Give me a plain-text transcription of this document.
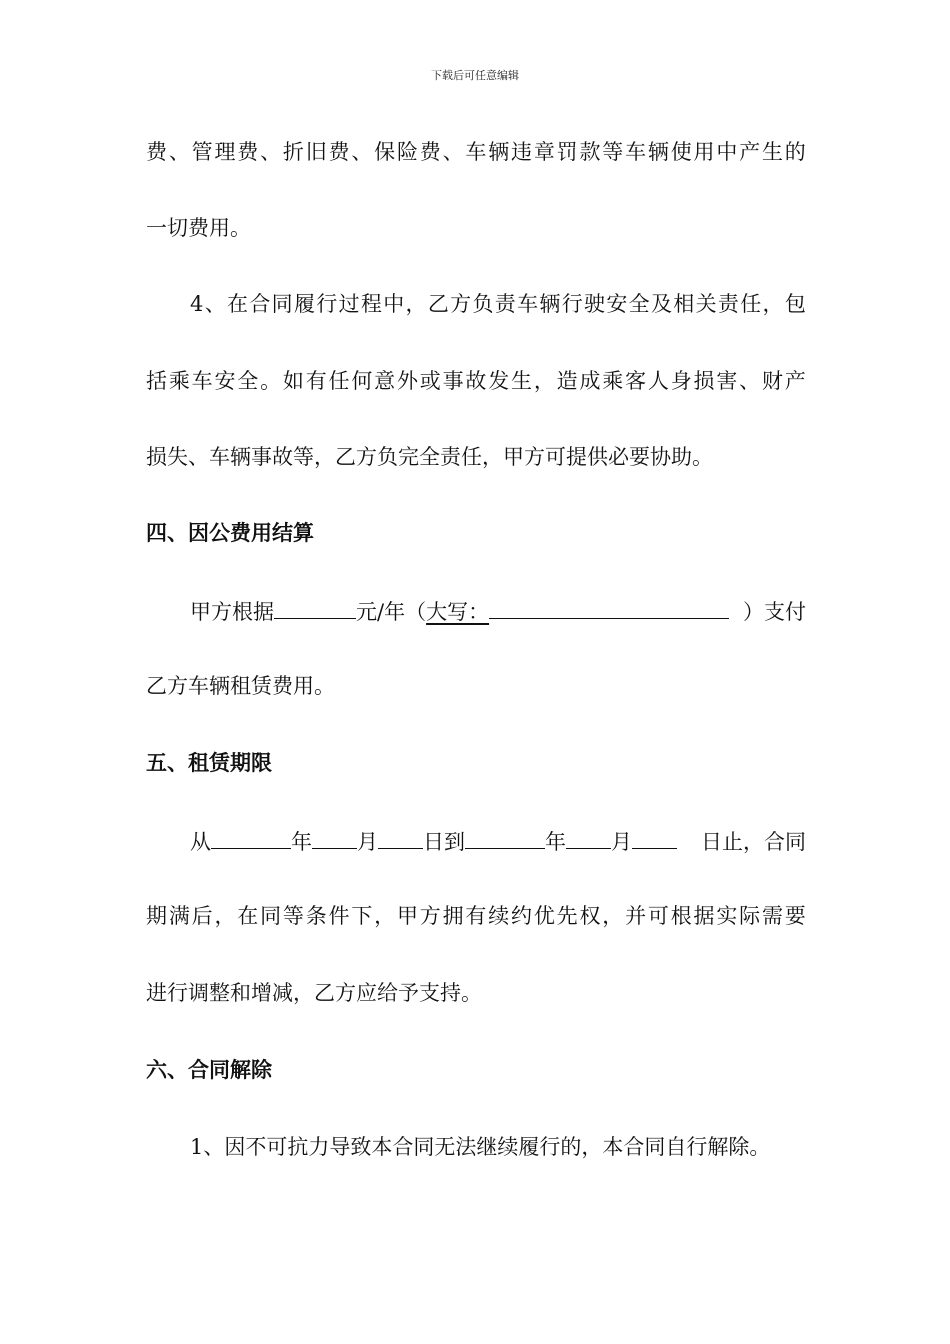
下载后可任意编辑
费 、 管 理 费 、 折 旧 费 、 保 险 费 、 车 辆 违 章 罚 款 等 车 辆 使 用 中 产 生 的
一切费用。
4 、 在 合 同 履 行 过 程 中 ， 乙 方 负 责 车 辆 行 驶 安 全 及 相 关 责 任 ， 包
括 乘 车 安 全 。 如 有 任 何 意 外 或 事 故 发 生 ， 造 成 乘 客 人 身 损 害 、 财 产
损失、车辆事故等，乙方负完全责任，甲方可提供必要协助。
四、因公费用结算
甲方根据	元/年（ 大写：	）支付
乙方车辆租赁费用。
五、租赁期限
从	年 月 日到	年 月	日止，合同
期 满 后 ， 在 同 等 条 件 下 ， 甲 方 拥 有 续 约 优 先 权 ， 并 可 根 据 实 际 需 要
进行调整和增减，乙方应给予支持。
六、合同解除
1、因不可抗力导致本合同无法继续履行的，本合同自行解除。
